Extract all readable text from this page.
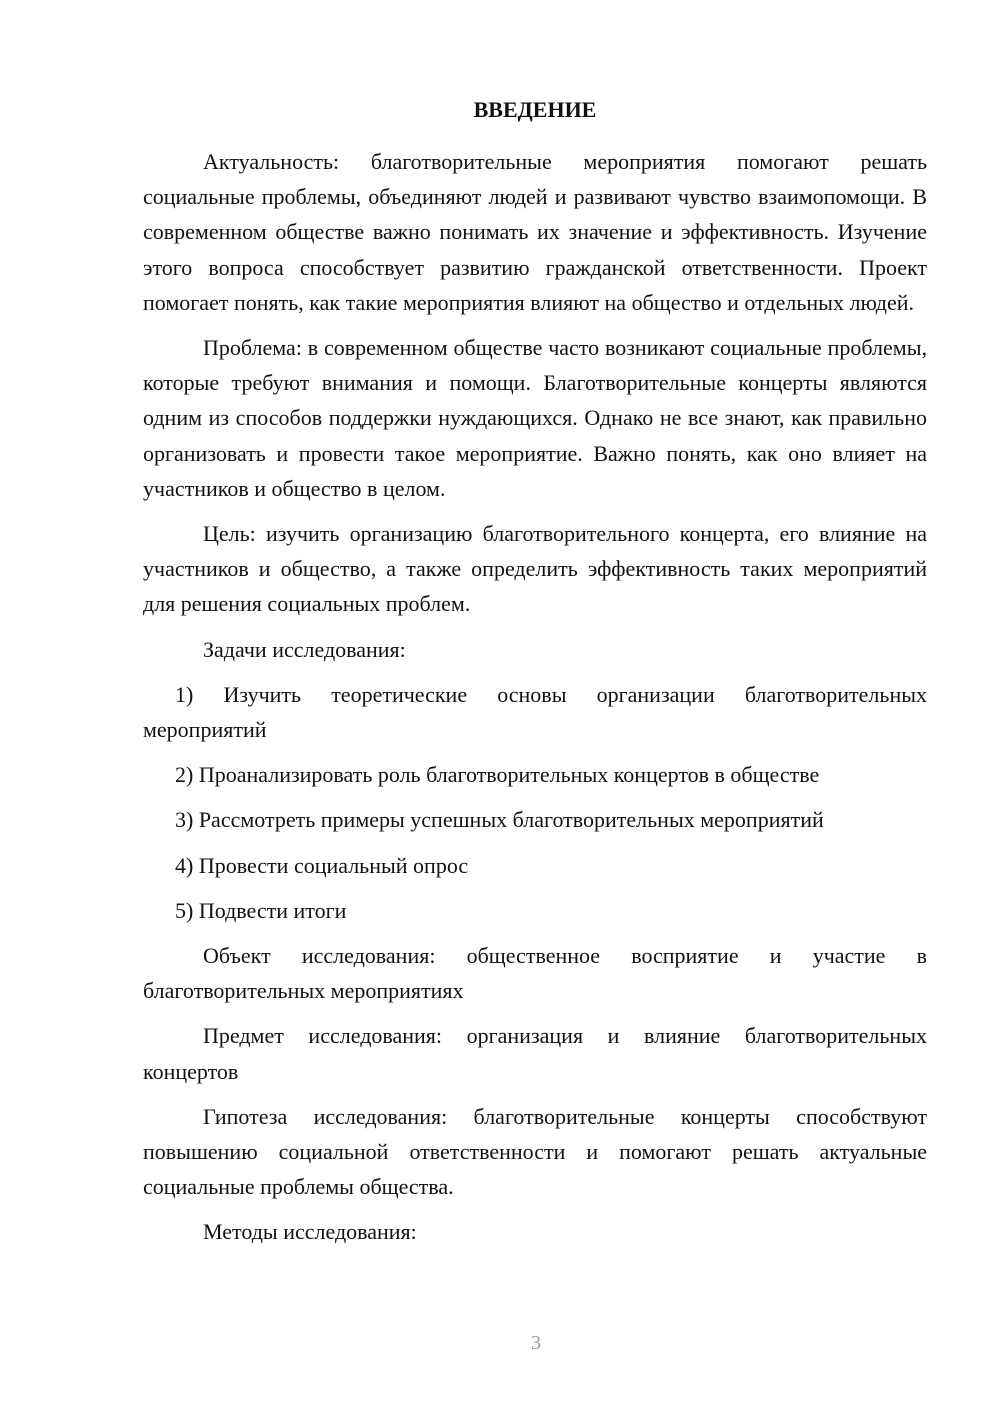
ВВЕДЕНИЕ

Актуальность: благотворительные мероприятия помогают решать социальные проблемы, объединяют людей и развивают чувство взаимопомощи. В современном обществе важно понимать их значение и эффективность. Изучение этого вопроса способствует развитию гражданской ответственности. Проект помогает понять, как такие мероприятия влияют на общество и отдельных людей.

Проблема: в современном обществе часто возникают социальные проблемы, которые требуют внимания и помощи. Благотворительные концерты являются одним из способов поддержки нуждающихся. Однако не все знают, как правильно организовать и провести такое мероприятие. Важно понять, как оно влияет на участников и общество в целом.

Цель: изучить организацию благотворительного концерта, его влияние на участников и общество, а также определить эффективность таких мероприятий для решения социальных проблем.

Задачи исследования:

1) Изучить теоретические основы организации благотворительных мероприятий

2) Проанализировать роль благотворительных концертов в обществе

3) Рассмотреть примеры успешных благотворительных мероприятий

4) Провести социальный опрос

5) Подвести итоги

Объект исследования: общественное восприятие и участие в благотворительных мероприятиях

Предмет исследования: организация и влияние благотворительных концертов

Гипотеза исследования: благотворительные концерты способствуют повышению социальной ответственности и помогают решать актуальные социальные проблемы общества.

Методы исследования:

3
